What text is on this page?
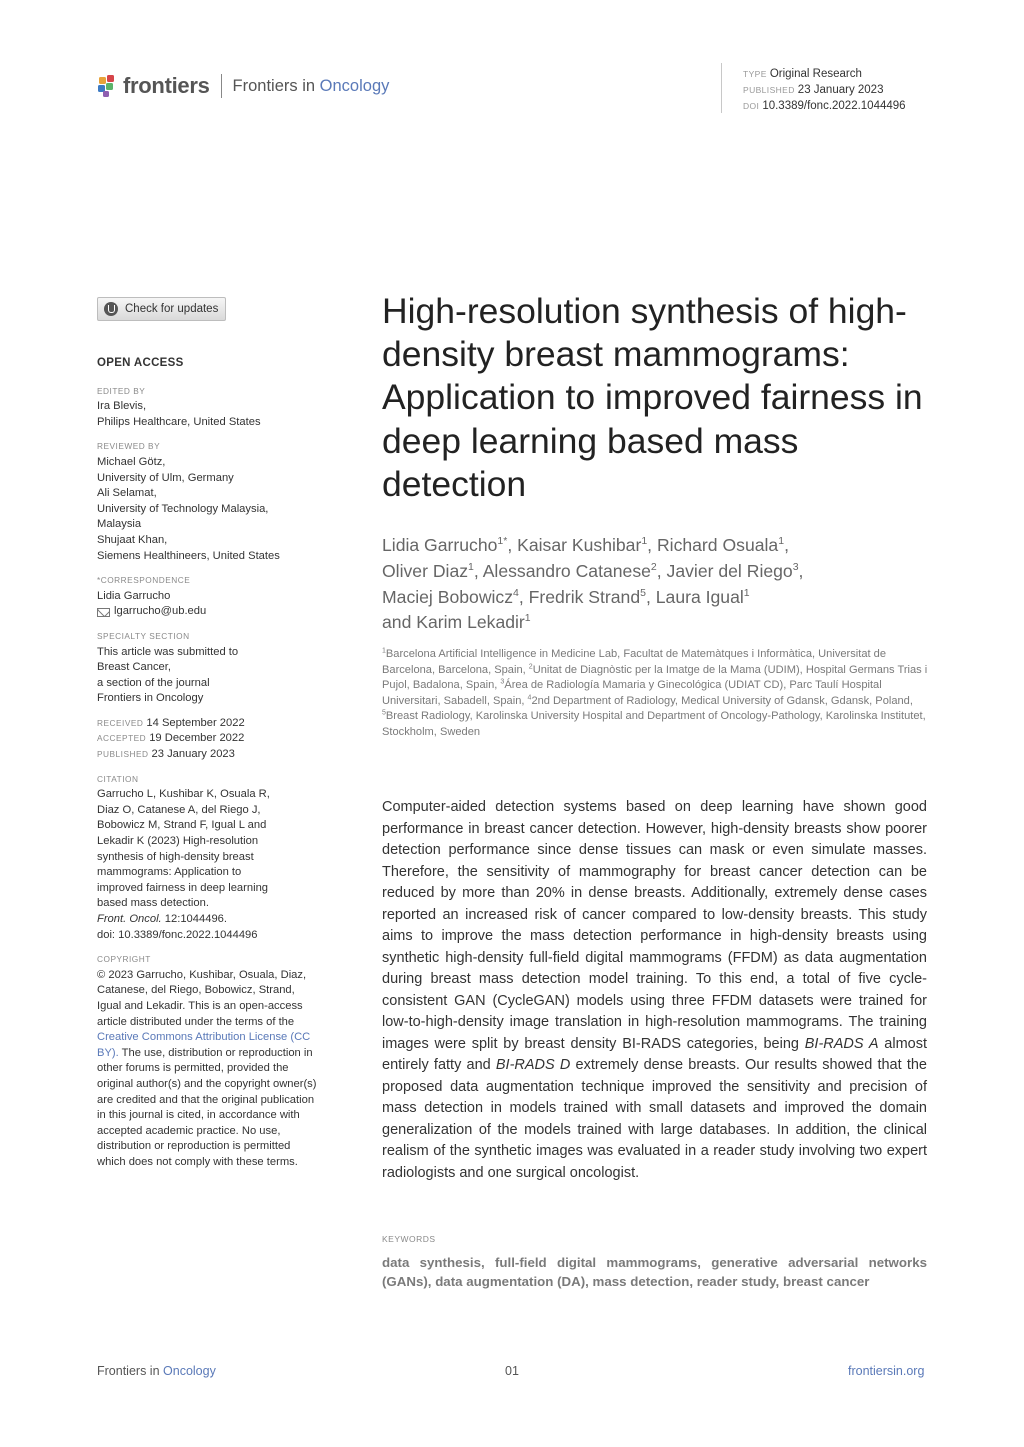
frontiers Frontiers in Oncology
TYPE Original Research
PUBLISHED 23 January 2023
DOI 10.3389/fonc.2022.1044496
Check for updates
OPEN ACCESS
EDITED BY
Ira Blevis,
Philips Healthcare, United States
REVIEWED BY
Michael Götz,
University of Ulm, Germany
Ali Selamat,
University of Technology Malaysia,
Malaysia
Shujaat Khan,
Siemens Healthineers, United States
*CORRESPONDENCE
Lidia Garrucho
lgarrucho@ub.edu
SPECIALTY SECTION
This article was submitted to
Breast Cancer,
a section of the journal
Frontiers in Oncology
RECEIVED 14 September 2022
ACCEPTED 19 December 2022
PUBLISHED 23 January 2023
CITATION
Garrucho L, Kushibar K, Osuala R,
Diaz O, Catanese A, del Riego J,
Bobowicz M, Strand F, Igual L and
Lekadir K (2023) High-resolution
synthesis of high-density breast
mammograms: Application to
improved fairness in deep learning
based mass detection.
Front. Oncol. 12:1044496.
doi: 10.3389/fonc.2022.1044496
COPYRIGHT
© 2023 Garrucho, Kushibar, Osuala, Diaz, Catanese, del Riego, Bobowicz, Strand, Igual and Lekadir. This is an open-access article distributed under the terms of the Creative Commons Attribution License (CC BY). The use, distribution or reproduction in other forums is permitted, provided the original author(s) and the copyright owner(s) are credited and that the original publication in this journal is cited, in accordance with accepted academic practice. No use, distribution or reproduction is permitted which does not comply with these terms.
High-resolution synthesis of high-density breast mammograms: Application to improved fairness in deep learning based mass detection
Lidia Garrucho$^{1*}$, Kaisar Kushibar$^1$, Richard Osuala$^1$,
Oliver Diaz$^1$, Alessandro Catanese$^2$, Javier del Riego$^3$,
Maciej Bobowicz$^4$, Fredrik Strand$^5$, Laura Igual$^1$
and Karim Lekadir$^1$
$^1$Barcelona Artificial Intelligence in Medicine Lab, Facultat de Matemàtques i Informàtica, Universitat de Barcelona, Barcelona, Spain, $^2$Unitat de Diagnòstic per la Imatge de la Mama (UDIM), Hospital Germans Trias i Pujol, Badalona, Spain, $^3$Área de Radiología Mamaria y Ginecológica (UDIAT CD), Parc Taulí Hospital Universitari, Sabadell, Spain, $^4$2nd Department of Radiology, Medical University of Gdansk, Gdansk, Poland, $^5$Breast Radiology, Karolinska University Hospital and Department of Oncology-Pathology, Karolinska Institutet, Stockholm, Sweden
Computer-aided detection systems based on deep learning have shown good performance in breast cancer detection. However, high-density breasts show poorer detection performance since dense tissues can mask or even simulate masses. Therefore, the sensitivity of mammography for breast cancer detection can be reduced by more than 20% in dense breasts. Additionally, extremely dense cases reported an increased risk of cancer compared to low-density breasts. This study aims to improve the mass detection performance in high-density breasts using synthetic high-density full-field digital mammograms (FFDM) as data augmentation during breast mass detection model training. To this end, a total of five cycle-consistent GAN (CycleGAN) models using three FFDM datasets were trained for low-to-high-density image translation in high-resolution mammograms. The training images were split by breast density BI-RADS categories, being BI-RADS A almost entirely fatty and BI-RADS D extremely dense breasts. Our results showed that the proposed data augmentation technique improved the sensitivity and precision of mass detection in models trained with small datasets and improved the domain generalization of the models trained with large databases. In addition, the clinical realism of the synthetic images was evaluated in a reader study involving two expert radiologists and one surgical oncologist.
KEYWORDS
data synthesis, full-field digital mammograms, generative adversarial networks (GANs), data augmentation (DA), mass detection, reader study, breast cancer
Frontiers in Oncology	01	frontiersin.org
